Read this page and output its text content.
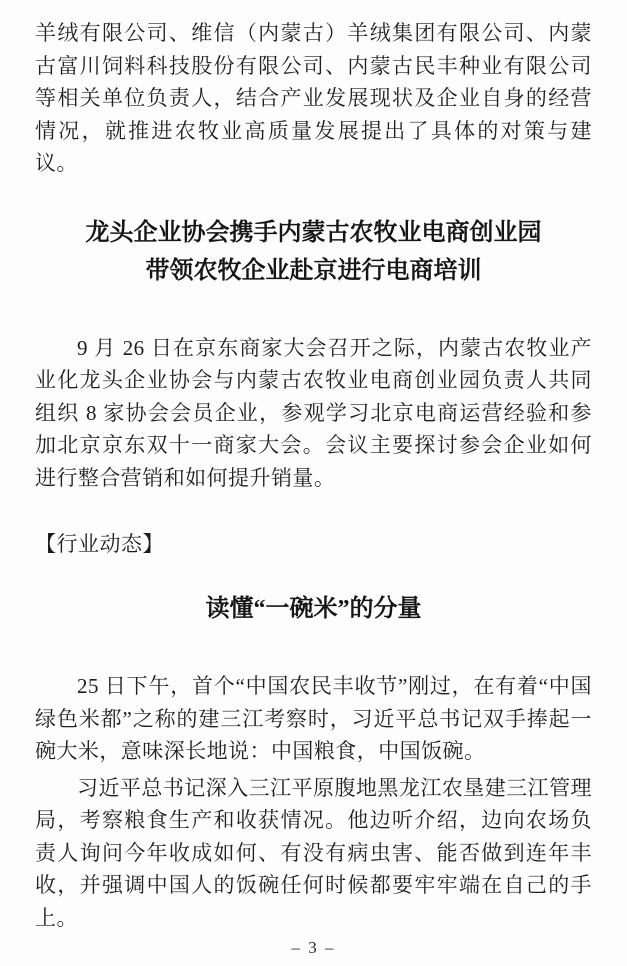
羊绒有限公司、维信（内蒙古）羊绒集团有限公司、内蒙古富川饲料科技股份有限公司、内蒙古民丰种业有限公司等相关单位负责人，结合产业发展现状及企业自身的经营情况，就推进农牧业高质量发展提出了具体的对策与建议。

龙头企业协会携手内蒙古农牧业电商创业园
带领农牧企业赴京进行电商培训

9 月 26 日在京东商家大会召开之际，内蒙古农牧业产业化龙头企业协会与内蒙古农牧业电商创业园负责人共同组织 8 家协会会员企业，参观学习北京电商运营经验和参加北京京东双十一商家大会。会议主要探讨参会企业如何进行整合营销和如何提升销量。

【行业动态】
读懂“一碗米”的分量

25 日下午，首个“中国农民丰收节”刚过，在有着“中国绿色米都”之称的建三江考察时，习近平总书记双手捧起一碗大米，意味深长地说：中国粮食，中国饭碗。

习近平总书记深入三江平原腹地黑龙江农垦建三江管理局，考察粮食生产和收获情况。他边听介绍，边向农场负责人询问今年收成如何、有没有病虫害、能否做到连年丰收，并强调中国人的饭碗任何时候都要牢牢端在自己的手上。

– 3 –
